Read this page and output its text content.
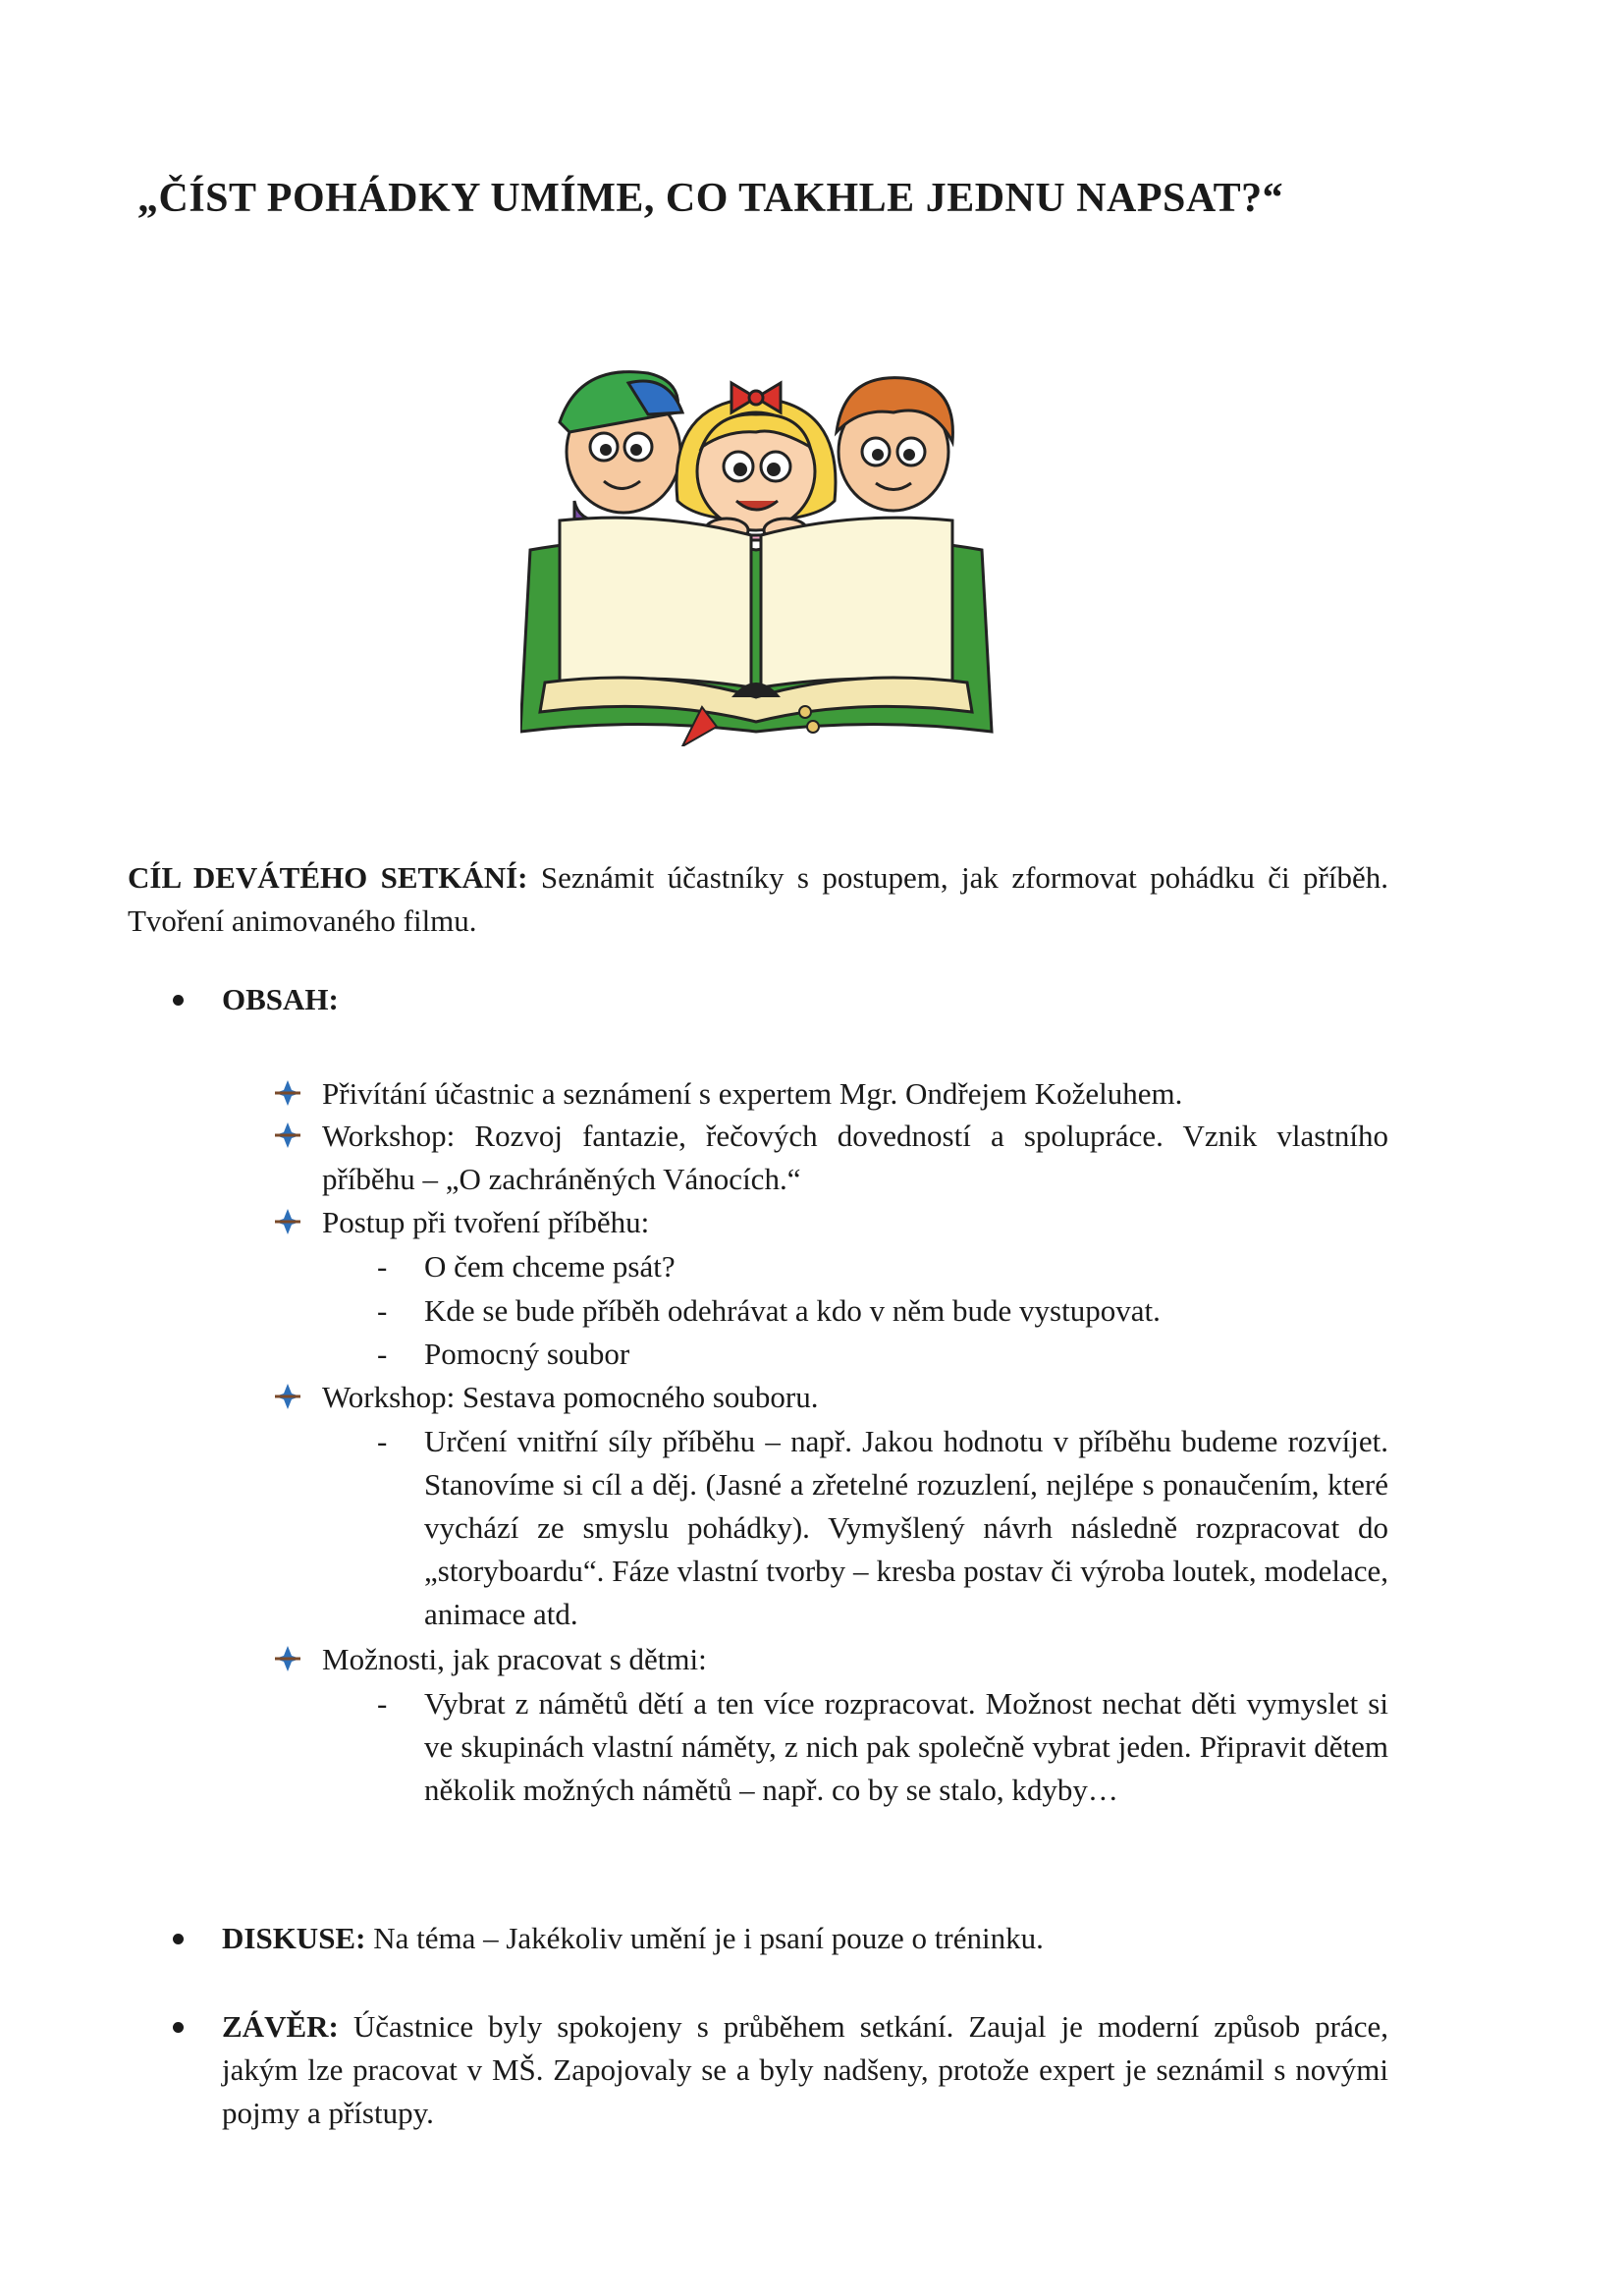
„ČÍST POHÁDKY UMÍME, CO TAKHLE JEDNU NAPSAT?“
CÍL DEVÁTÉHO SETKÁNÍ: Seznámit účastníky s postupem, jak zformovat pohádku či příběh. Tvoření animovaného filmu.
OBSAH:
Přivítání účastnic a seznámení s expertem Mgr. Ondřejem Koželuhem.
Workshop: Rozvoj fantazie, řečových dovedností a spolupráce. Vznik vlastního příběhu – „O zachráněných Vánocích.“
Postup při tvoření příběhu:
- O čem chceme psát?
- Kde se bude příběh odehrávat a kdo v něm bude vystupovat.
- Pomocný soubor
Workshop: Sestava pomocného souboru.
- Určení vnitřní síly příběhu – např. Jakou hodnotu v příběhu budeme rozvíjet. Stanovíme si cíl a děj. (Jasné a zřetelné rozuzlení, nejlépe s ponaučením, které vychází ze smyslu pohádky). Vymyšlený návrh následně rozpracovat do „storyboardu“. Fáze vlastní tvorby – kresba postav či výroba loutek, modelace, animace atd.
Možnosti, jak pracovat s dětmi:
- Vybrat z námětů dětí a ten více rozpracovat. Možnost nechat děti vymyslet si ve skupinách vlastní náměty, z nich pak společně vybrat jeden. Připravit dětem několik možných námětů – např. co by se stalo, kdyby…
DISKUSE: Na téma – Jakékoliv umění je i psaní pouze o tréninku.
ZÁVĚR: Účastnice byly spokojeny s průběhem setkání. Zaujal je moderní způsob práce, jakým lze pracovat v MŠ. Zapojovaly se a byly nadšeny, protože expert je seznámil s novými pojmy a přístupy.
